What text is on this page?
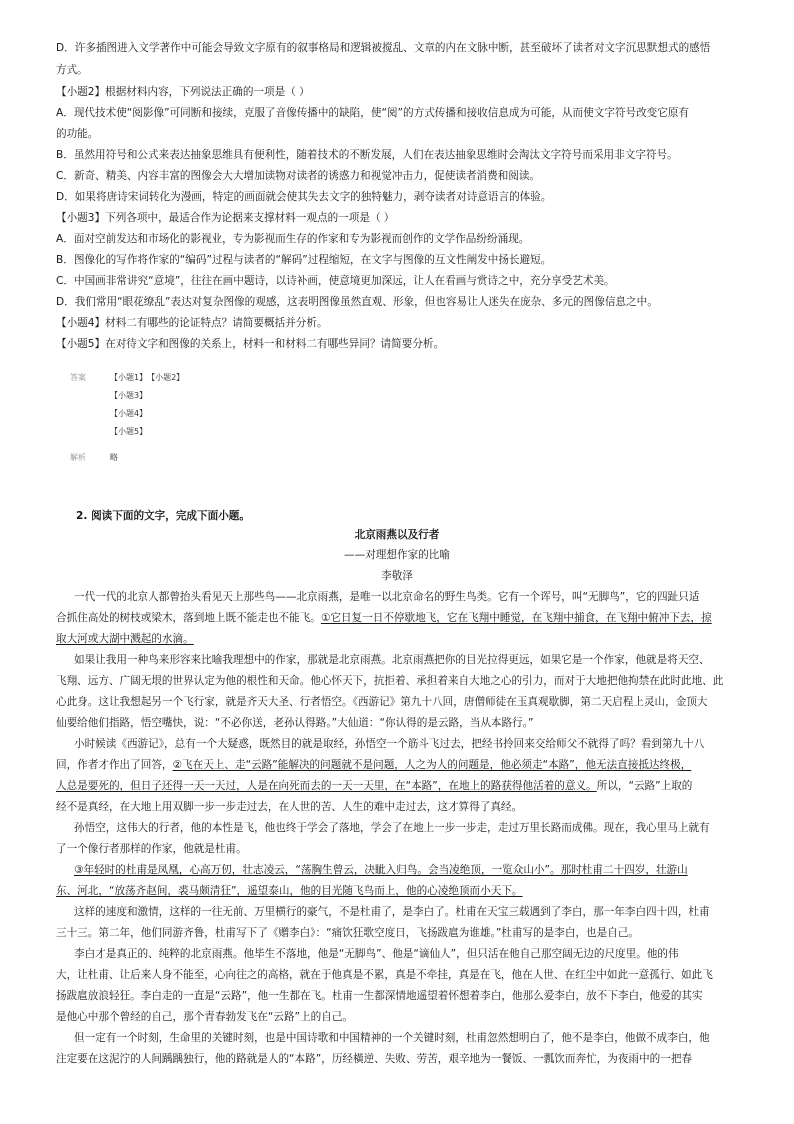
D．许多插图进入文学著作中可能会导致文字原有的叙事格局和逻辑被搅乱、文章的内在文脉中断，甚至破坏了读者对文字沉思默想式的感悟
方式。
【小题2】根据材料内容，下列说法正确的一项是（ ）
A．现代技术使“阅影像”可同断和接续，克服了音像传播中的缺陷，使“阅”的方式传播和接收信息成为可能，从而使文字符号改变它原有
的功能。
B．虽然用符号和公式来表达抽象思维具有便利性，随着技术的不断发展，人们在表达抽象思维时会淘汰文字符号而采用非文字符号。
C．新奇、精美、内容丰富的图像会大大增加读物对读者的诱惑力和视觉冲击力，促使读者消费和阅读。
D．如果将唐诗宋词转化为漫画，特定的画面就会使其失去文字的独特魅力，剥夺读者对诗意语言的体验。
【小题3】下列各项中，最适合作为论据来支撑材料一观点的一项是（ ）
A．面对空前发达和市场化的影视业，专为影视而生存的作家和专为影视而创作的文学作品纷纷涌现。
B．图像化的写作将作家的“编码”过程与读者的“解码”过程缩短，在文字与图像的互文性阐发中扬长避短。
C．中国画非常讲究“意境”，往往在画中题诗，以诗补画，使意境更加深远，让人在看画与赏诗之中，充分享受艺术美。
D．我们常用“眼花缭乱”表达对复杂图像的观感，这表明图像虽然直观、形象，但也容易让人迷失在庞杂、多元的图像信息之中。
【小题4】材料二有哪些的论证特点？请简要概括并分析。
【小题5】在对待文字和图像的关系上，材料一和材料二有哪些异同？请简要分析。
答案	【小题1】 【小题2】
【小题3】
【小题4】
【小题5】
解析	略
2. 阅读下面的文字，完成下面小题。
北京雨燕以及行者
——对理想作家的比喻
李敬泽
一代一代的北京人都曾抬头看见天上那些鸟——北京雨燕，是唯一以北京命名的野生鸟类。它有一个诨号，叫“无脚鸟”，它的四趾只适
合抓住高处的树枝或梁木，落到地上既不能走也不能飞。①它日复一日不停歇地飞，它在飞翔中睡觉，在飞翔中捕食，在飞翔中俯冲下去，掠
取大河或大湖中溅起的水滴。
如果让我用一种鸟来形容来比喻我理想中的作家，那就是北京雨燕。北京雨燕把你的目光拉得更远，如果它是一个作家，他就是将天空、
飞翔、远方、广阔无垠的世界认定为他的根性和天命。他心怀天下，抗拒着、承担着来自大地之心的引力，而对于大地把他拘禁在此时此地、此
心此身。这让我想起另一个飞行家，就是齐天大圣、行者悟空。《西游记》第九十八回，唐僧师徒在玉真观歇脚，第二天启程上灵山，金顶大
仙要给他们指路，悟空嘴快，说：“不必你送，老孙认得路。”大仙道：“你认得的是云路，当从本路行。”
小时候读《西游记》，总有一个大疑惑，既然目的就是取经，孙悟空一个筋斗飞过去，把经书拎回来交给师父不就得了吗？看到第九十八
回，作者才作出了回答，②飞在天上、走“云路”能解决的问题就不是问题，人之为人的问题是，他必须走“本路”，他无法直接抵达终极，
人总是要死的，但日子还得一天一天过，人是在向死而去的一天一天里，在“本路”，在地上的路获得他活着的意义。所以，“云路”上取的
经不是真经，在大地上用双脚一步一步走过去，在人世的苦、人生的难中走过去，这才算得了真经。
孙悟空，这伟大的行者，他的本性是飞，他也终于学会了落地，学会了在地上一步一步走，走过万里长路而成佛。现在，我心里马上就有
了一个像行者那样的作家，他就是杜甫。
③年轻时的杜甫是凤凰，心高万仞，壮志凌云，“荡胸生曾云，决眦入归鸟。会当凌绝顶，一览众山小”。那时杜甫二十四岁，壮游山
东、河北，“放荡齐赵间，裘马颇清狂”，遥望泰山，他的目光随飞鸟而上，他的心凌绝顶而小天下。
这样的速度和激情，这样的一往无前、万里横行的豪气，不是杜甫了，是李白了。杜甫在天宝三载遇到了李白，那一年李白四十四，杜甫
三十三。第二年，他们同游齐鲁，杜甫写下了《赠李白》：“痛饮狂歌空度日，飞扬跋扈为谁雄。”杜甫写的是李白，也是自己。
李白才是真正的、纯粹的北京雨燕。他毕生不落地，他是“无脚鸟”、他是“谪仙人”，但只活在他自己那空阔无边的尺度里。他的伟
大，让杜甫、让后来人身不能至，心向往之的高格，就在于他真是不累，真是不牵挂，真是在飞，他在人世、在红尘中如此一意孤行、如此飞
扬跋扈放浪轻狂。李白走的一直是“云路”，他一生都在飞。杜甫一生都深情地遥望着怀想着李白，他那么爱李白，放不下李白，他爱的其实
是他心中那个曾经的自己，那个青春勃发飞在“云路”上的自己。
但一定有一个时刻，生命里的关键时刻，也是中国诗歌和中国精神的一个关键时刻，杜甫忽然想明白了，他不是李白，他做不成李白，他
注定要在这泥泞的人间踽踽独行，他的路就是人的“本路”，历经橫逆、失败、劳苦，艰辛地为一餐饭、一瓢饮而奔忙，为夜雨中的一把春
